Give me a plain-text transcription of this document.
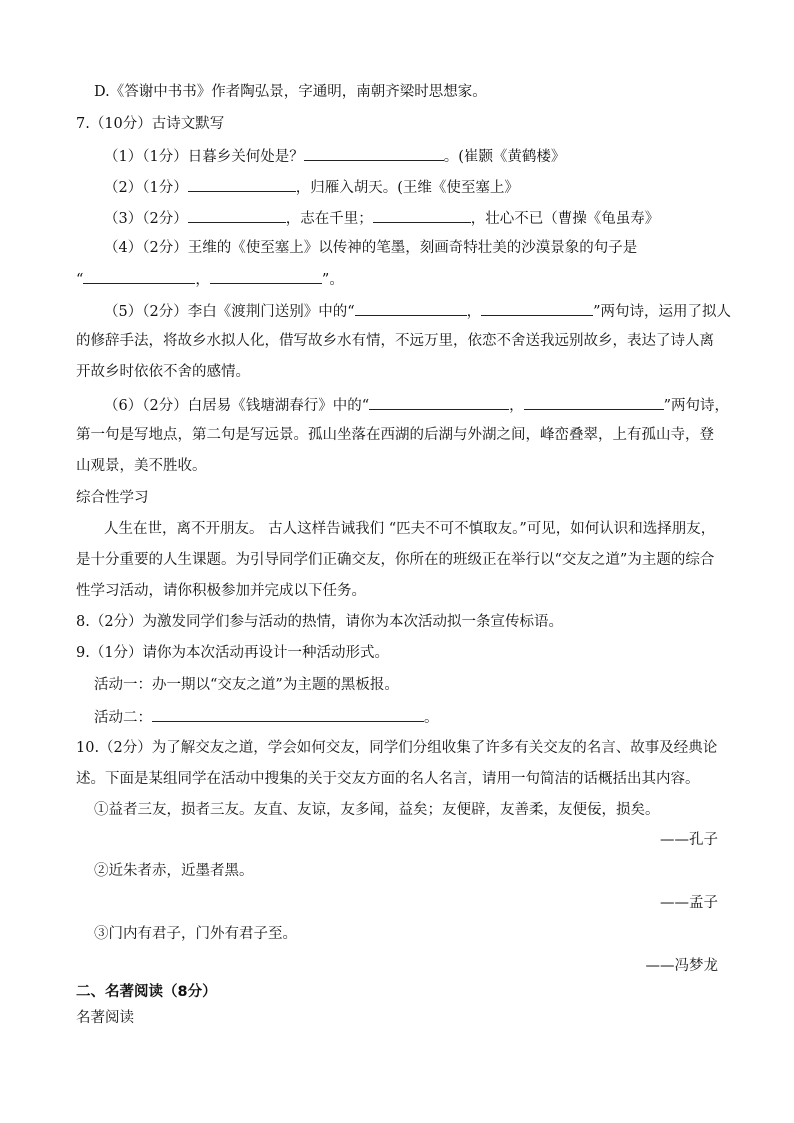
D.《答谢中书书》作者陶弘景，字通明，南朝齐梁时思想家。
7.（10分）古诗文默写
（1）（1分）日暮乡关何处是？	。(崔颢《黄鹤楼》
（2）（1分）	，归雁入胡天。(王维《使至塞上》
（3）（2分）	，志在千里；	，壮心不已（曹操《龟虽寿》
（4）（2分）王维的《使至塞上》以传神的笔墨，刻画奇特壮美的沙漠景象的句子是
“	，	”。
（5）（2分）李白《渡荆门送别》中的“	，	”两句诗，运用了拟人
的修辞手法，将故乡水拟人化，借写故乡水有情，不远万里，依恋不舍送我远别故乡，表达了诗人离
开故乡时依依不舍的感情。
（6）（2分）白居易《钱塘湖春行》中的“	，	”两句诗，
第一句是写地点，第二句是写远景。孤山坐落在西湖的后湖与外湖之间，峰峦叠翠，上有孤山寺，登
山观景，美不胜收。
综合性学习
人生在世，离不开朋友。 古人这样告诫我们 “匹夫不可不慎取友。”可见，如何认识和选择朋友，
是十分重要的人生课题。为引导同学们正确交友，你所在的班级正在举行以“交友之道”为主题的综合
性学习活动，请你积极参加并完成以下任务。
8.（2分）为激发同学们参与活动的热情，请你为本次活动拟一条宣传标语。
9.（1分）请你为本次活动再设计一种活动形式。
活动一：办一期以“交友之道”为主题的黑板报。
活动二：	。
10.（2分）为了解交友之道，学会如何交友，同学们分组收集了许多有关交友的名言、故事及经典论
述。下面是某组同学在活动中搜集的关于交友方面的名人名言，请用一句简洁的话概括出其内容。
①益者三友，损者三友。友直、友谅，友多闻，益矣；友便辟，友善柔，友便佞，损矣。
——孔子
②近朱者赤，近墨者黑。
——孟子
③门内有君子，门外有君子至。
——冯梦龙
二、名著阅读（8分）
名著阅读
